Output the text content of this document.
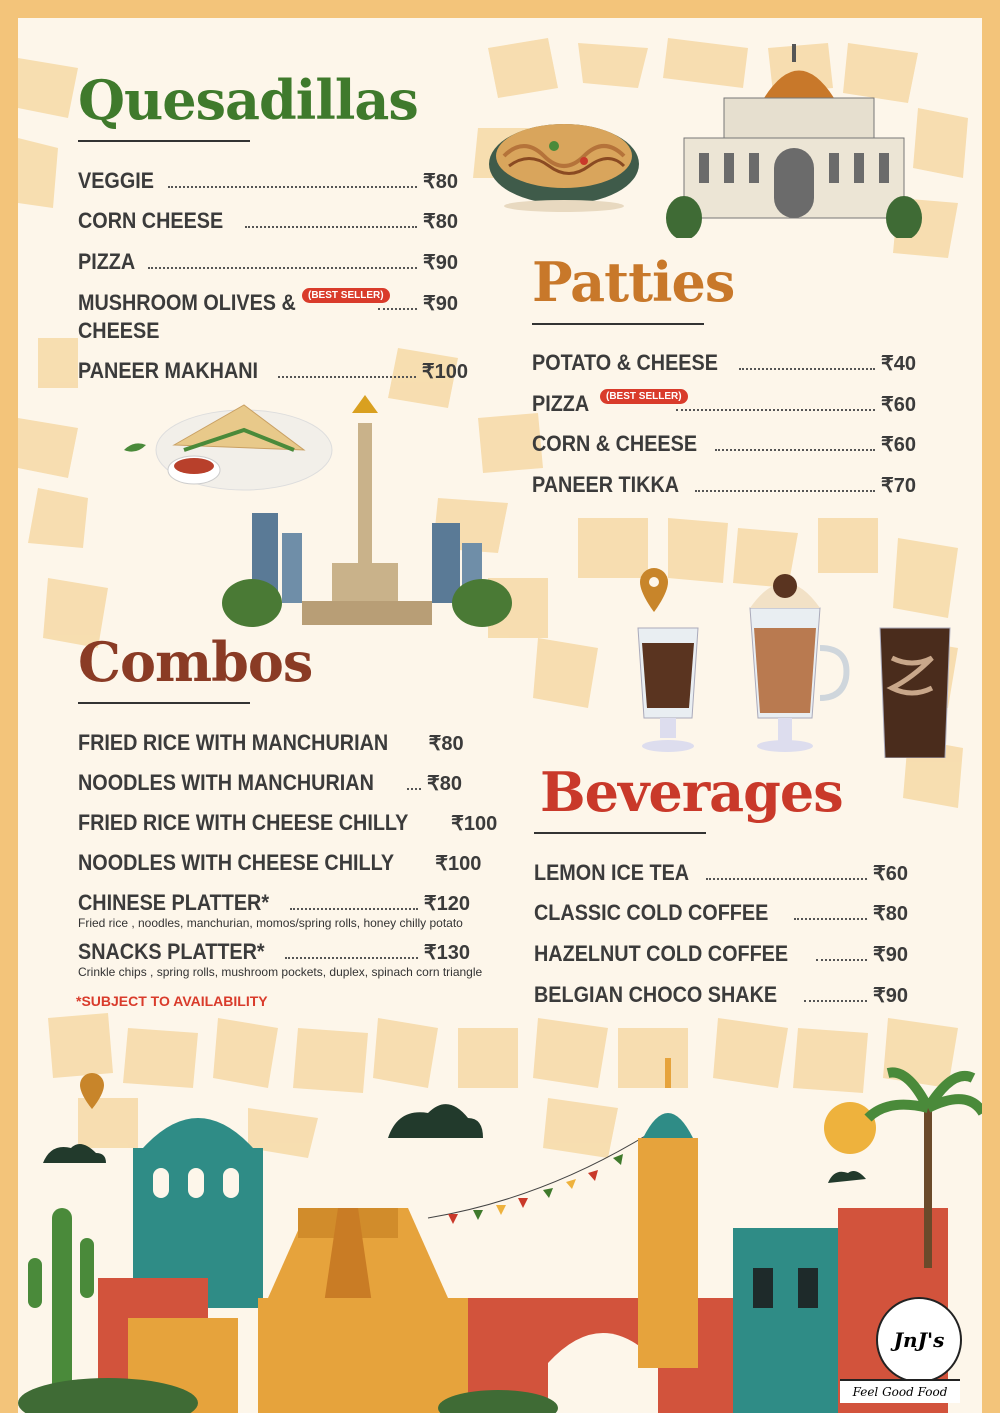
Quesadillas
VEGGIE	₹80
CORN CHEESE	₹80
PIZZA	₹90
MUSHROOM OLIVES &	₹90
(BEST SELLER)
CHEESE
PANEER MAKHANI	₹100
Patties
POTATO & CHEESE	₹40
PIZZA	₹60
(BEST SELLER)
CORN & CHEESE	₹60
PANEER TIKKA	₹70
Combos
FRIED RICE WITH MANCHURIAN ₹80
NOODLES WITH MANCHURIAN	₹80
FRIED RICE WITH CHEESE CHILLY ₹100
NOODLES WITH CHEESE CHILLY ₹100
CHINESE PLATTER*	₹120
Fried rice , noodles, manchurian, momos/spring rolls, honey chilly potato
SNACKS PLATTER*	₹130
Crinkle chips , spring rolls, mushroom pockets, duplex, spinach corn triangle
*SUBJECT TO AVAILABILITY
Beverages
LEMON ICE TEA	₹60
CLASSIC COLD COFFEE	₹80
HAZELNUT COLD COFFEE	₹90
BELGIAN CHOCO SHAKE	₹90
JnJ's
Feel Good Food
